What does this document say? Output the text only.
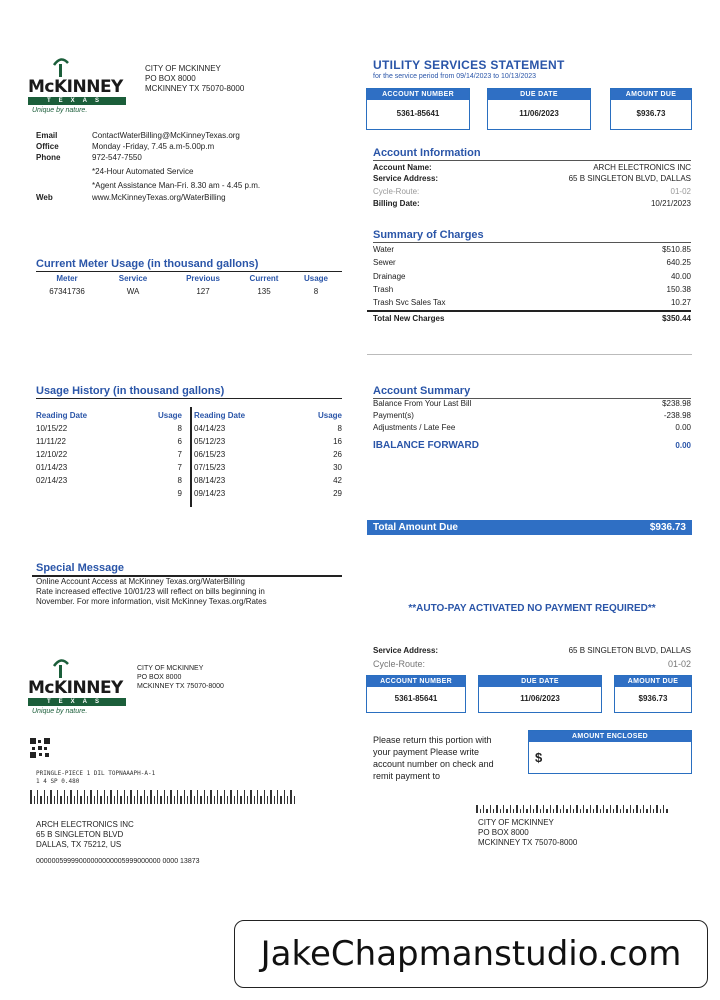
McKINNEY
TEXAS
Unique by nature.
CITY OF MCKINNEY
PO BOX 8000
MCKINNEY TX 75070-8000
Email	ContactWaterBilling@McKinneyTexas.org
Office	Monday -Friday, 7.45 a.m-5.00p.m
Phone	972-547-7550
*24-Hour Automated Service
*Agent Assistance Man-Fri. 8.30 am - 4.45 p.m.
Web	www.McKinneyTexas.org/WaterBilling
UTILITY SERVICES STATEMENT
for the service period from 09/14/2023 to 10/13/2023
ACCOUNT NUMBER
5361-85641
DUE DATE
11/06/2023
AMOUNT DUE
$936.73
Account Information
Account Name:	ARCH ELECTRONICS INC
Service Address:	65 B SINGLETON BLVD, DALLAS
Cycle-Route:	01-02
Billing Date:	10/21/2023
Summary of Charges
Water	$510.85
Sewer	640.25
Drainage	40.00
Trash	150.38
Trash Svc Sales Tax	10.27
Total New Charges	$350.44
Current Meter Usage (in thousand gallons)
Meter	Service	Previous	Current	Usage
67341736	WA	127	135	8
Usage History (in thousand gallons)
Reading Date	Usage	Reading Date	Usage
10/15/22	8	04/14/23	8
11/11/22	6	05/12/23	16
12/10/22	7	06/15/23	26
01/14/23	7	07/15/23	30
02/14/23	8	08/14/23	42
	9	09/14/23	29
Account Summary
Balance From Your Last Bill	$238.98
Payment(s)	-238.98
Adjustments / Late Fee	0.00
IBALANCE FORWARD	0.00
Total Amount Due	$936.73
Special Message
Online Account Access at McKinney Texas.org/WaterBilling
Rate increased effective 10/01/23 will reflect on bills beginning in
November. For more information, visit McKinney Texas.org/Rates
**AUTO-PAY ACTIVATED NO PAYMENT REQUIRED**
McKINNEY
TEXAS
Unique by nature.
CITY OF MCKINNEY
PO BOX 8000
MCKINNEY TX 75070-8000
PRINGLE-PIECE 1 DIL TOPNAAAPH-A-1
1 4 SP 0.480
ARCH ELECTRONICS INC
65 B SINGLETON BLVD
DALLAS, TX 75212, US
00000059999000000000005999000000 0000 13873
Service Address:	65 B SINGLETON BLVD, DALLAS
Cycle-Route:	01-02
ACCOUNT NUMBER
5361-85641
DUE DATE
11/06/2023
AMOUNT DUE
$936.73
Please return this portion with
your payment Please write
account number on check and
remit payment to
AMOUNT ENCLOSED
$
CITY OF MCKINNEY
PO BOX 8000
MCKINNEY TX 75070-8000
JakeChapmanstudio.com
